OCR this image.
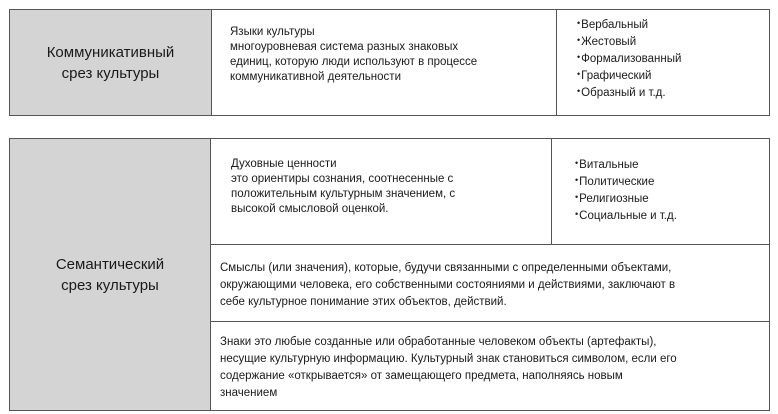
Коммуникативный
срез культуры
Языки культуры
многоуровневая система разных знаковых
единиц, которую люди используют в процессе
коммуникативной деятельности
•Вербальный
•Жестовый
•Формализованный
•Графический
•Образный и т.д.
Семантический
срез культуры
Духовные ценности
это ориентиры сознания, соотнесенные с
положительным культурным значением, с
высокой смысловой оценкой.
•Витальные
•Политические
•Религиозные
•Социальные и т.д.
Смыслы (или значения), которые, будучи связанными с определенными объектами,
окружающими человека, его собственными состояниями и действиями, заключают в
себе культурное понимание этих объектов, действий.
Знаки это любые созданные или обработанные человеком объекты (артефакты),
несущие культурную информацию. Культурный знак становиться символом, если его
содержание «открывается» от замещающего предмета, наполняясь новым
значением
